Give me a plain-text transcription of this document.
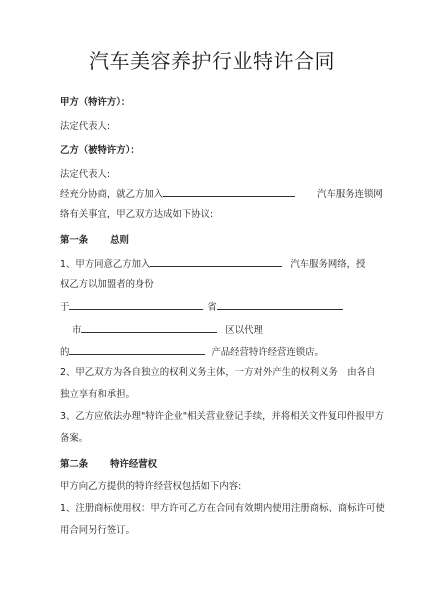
汽车美容养护行业特许合同
甲方（特许方）：
法定代表人:
乙方（被特许方）：
法定代表人:
经充分协商，就乙方加入	汽车服务连锁网
络有关事宜，甲乙双方达成如下协议:
第一条 总则
1、甲方同意乙方加入	汽车服务网络，授
权乙方以加盟者的身份
于	省
市	区以代理
的	产品经营特许经营连锁店。
2、甲乙双方为各自独立的权利义务主体，一方对外产生的权利义务　由各自
独立享有和承担。
3、乙方应依法办理"特许企业"相关营业登记手续，并将相关文件复印件报甲方
备案。
第二条 特许经营权
甲方向乙方提供的特许经营权包括如下内容:
1、注册商标使用权：甲方许可乙方在合同有效期内使用注册商标、商标许可使
用合同另行签订。
